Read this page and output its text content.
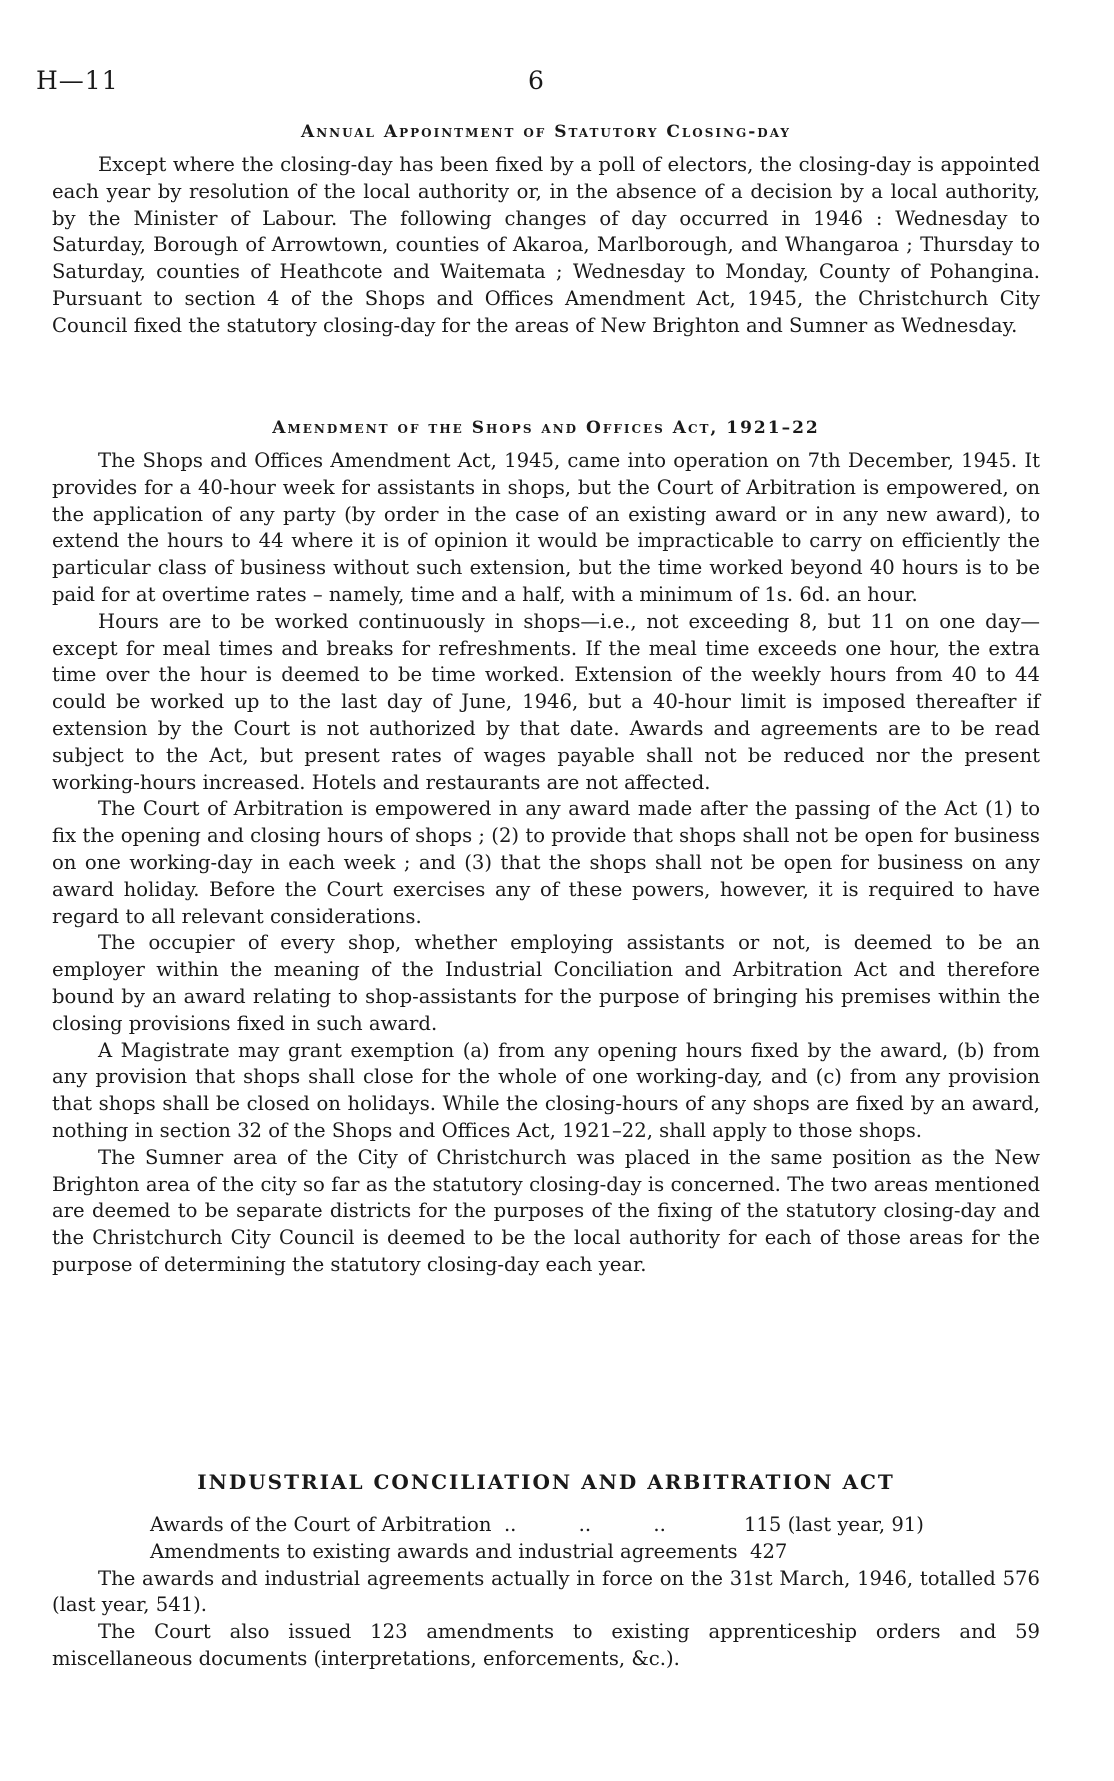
H—11	6
Annual Appointment of Statutory Closing-day

Except where the closing-day has been fixed by a poll of electors, the closing-day is appointed each year by resolution of the local authority or, in the absence of a decision by a local authority, by the Minister of Labour. The following changes of day occurred in 1946 : Wednesday to Saturday, Borough of Arrowtown, counties of Akaroa, Marlborough, and Whangaroa ; Thursday to Saturday, counties of Heathcote and Waitemata ; Wednesday to Monday, County of Pohangina. Pursuant to section 4 of the Shops and Offices Amendment Act, 1945, the Christchurch City Council fixed the statutory closing-day for the areas of New Brighton and Sumner as Wednesday.

Amendment of the Shops and Offices Act, 1921–22

The Shops and Offices Amendment Act, 1945, came into operation on 7th December, 1945. It provides for a 40-hour week for assistants in shops, but the Court of Arbitration is empowered, on the application of any party (by order in the case of an existing award or in any new award), to extend the hours to 44 where it is of opinion it would be impracticable to carry on efficiently the particular class of business without such extension, but the time worked beyond 40 hours is to be paid for at overtime rates – namely, time and a half, with a minimum of 1s. 6d. an hour.

Hours are to be worked continuously in shops—i.e., not exceeding 8, but 11 on one day—except for meal times and breaks for refreshments. If the meal time exceeds one hour, the extra time over the hour is deemed to be time worked. Extension of the weekly hours from 40 to 44 could be worked up to the last day of June, 1946, but a 40-hour limit is imposed thereafter if extension by the Court is not authorized by that date. Awards and agreements are to be read subject to the Act, but present rates of wages payable shall not be reduced nor the present working-hours increased. Hotels and restaurants are not affected.

The Court of Arbitration is empowered in any award made after the passing of the Act (1) to fix the opening and closing hours of shops ; (2) to provide that shops shall not be open for business on one working-day in each week ; and (3) that the shops shall not be open for business on any award holiday. Before the Court exercises any of these powers, however, it is required to have regard to all relevant considerations.

The occupier of every shop, whether employing assistants or not, is deemed to be an employer within the meaning of the Industrial Conciliation and Arbitration Act and therefore bound by an award relating to shop-assistants for the purpose of bringing his premises within the closing provisions fixed in such award.

A Magistrate may grant exemption (a) from any opening hours fixed by the award, (b) from any provision that shops shall close for the whole of one working-day, and (c) from any provision that shops shall be closed on holidays. While the closing-hours of any shops are fixed by an award, nothing in section 32 of the Shops and Offices Act, 1921–22, shall apply to those shops.

The Sumner area of the City of Christchurch was placed in the same position as the New Brighton area of the city so far as the statutory closing-day is concerned. The two areas mentioned are deemed to be separate districts for the purposes of the fixing of the statutory closing-day and the Christchurch City Council is deemed to be the local authority for each of those areas for the purpose of determining the statutory closing-day each year.

INDUSTRIAL CONCILIATION AND ARBITRATION ACT
Awards of the Court of Arbitration ..          ..          ..	115 (last year, 91)
Amendments to existing awards and industrial agreements 427

The awards and industrial agreements actually in force on the 31st March, 1946, totalled 576 (last year, 541).

The Court also issued 123 amendments to existing apprenticeship orders and 59 miscellaneous documents (interpretations, enforcements, &c.).
